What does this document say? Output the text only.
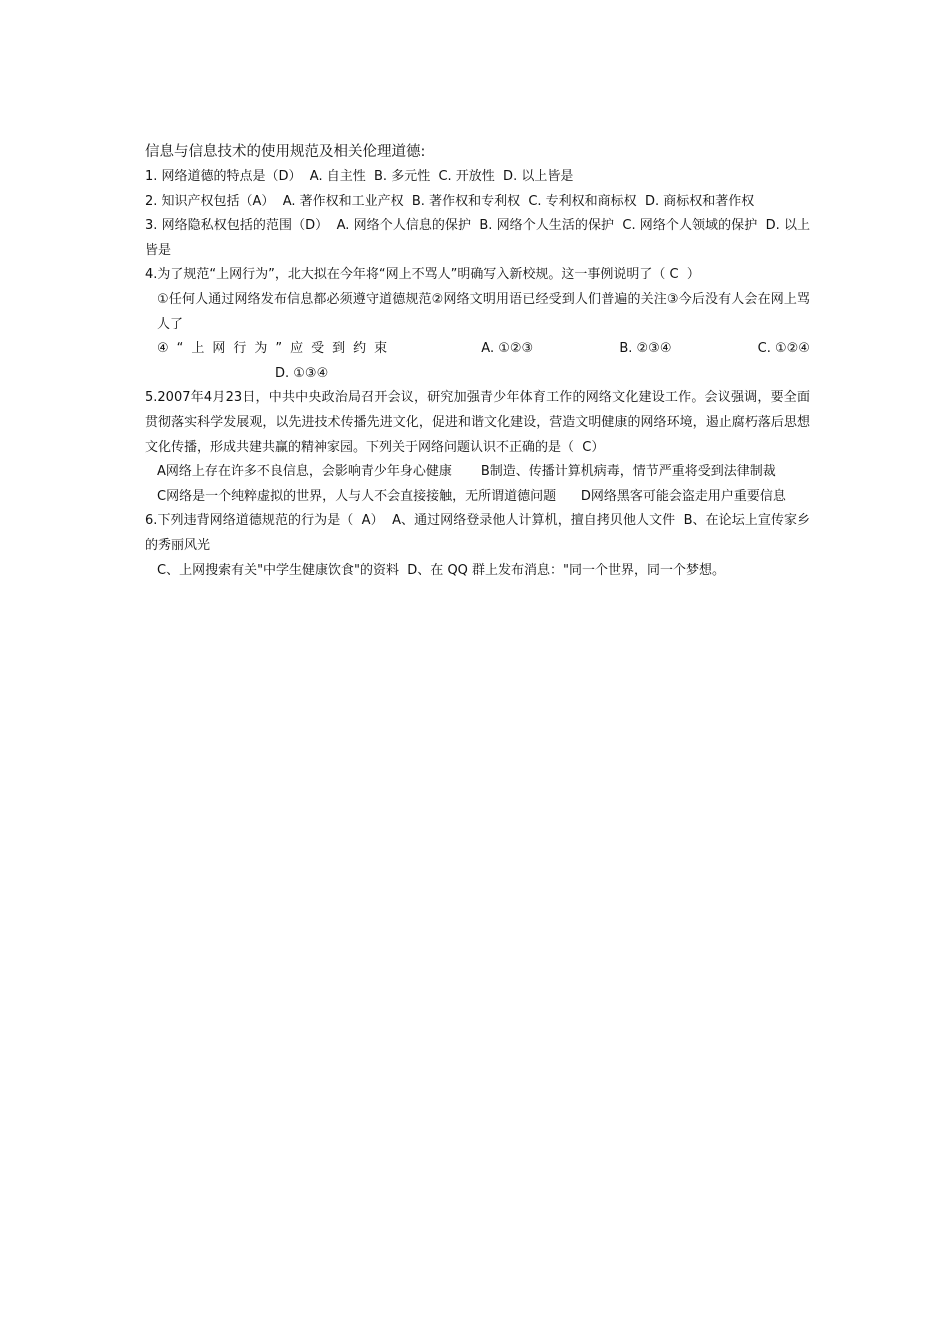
信息与信息技术的使用规范及相关伦理道德:
1. 网络道德的特点是（D）  A. 自主性  B. 多元性  C. 开放性  D. 以上皆是
2. 知识产权包括（A）  A. 著作权和工业产权  B. 著作权和专利权  C. 专利权和商标权  D. 商标权和著作权
3. 网络隐私权包括的范围（D）  A. 网络个人信息的保护  B. 网络个人生活的保护  C. 网络个人领域的保护  D. 以上皆是
4.为了规范“上网行为”，北大拟在今年将“网上不骂人”明确写入新校规。这一事例说明了（ C  ）
①任何人通过网络发布信息都必须遵守道德规范②网络文明用语已经受到人们普遍的关注③今后没有人会在网上骂人了
④“上网行为”应受到约束	A. ①②③	B. ②③④	C. ①②④
D. ①③④
5.2007年4月23日，中共中央政治局召开会议，研究加强青少年体育工作的网络文化建设工作。会议强调，要全面贯彻落实科学发展观，以先进技术传播先进文化，促进和谐文化建设，营造文明健康的网络环境，遏止腐朽落后思想文化传播，形成共建共赢的精神家园。下列关于网络问题认识不正确的是（  C）
A网络上存在许多不良信息，会影响青少年身心健康       B制造、传播计算机病毒，情节严重将受到法律制裁
C网络是一个纯粹虚拟的世界，人与人不会直接接触，无所谓道德问题      D网络黑客可能会盗走用户重要信息
6.下列违背网络道德规范的行为是（  A）  A、通过网络登录他人计算机，擅自拷贝他人文件  B、在论坛上宣传家乡的秀丽风光
C、上网搜索有关"中学生健康饮食"的资料  D、在 QQ 群上发布消息："同一个世界，同一个梦想。
